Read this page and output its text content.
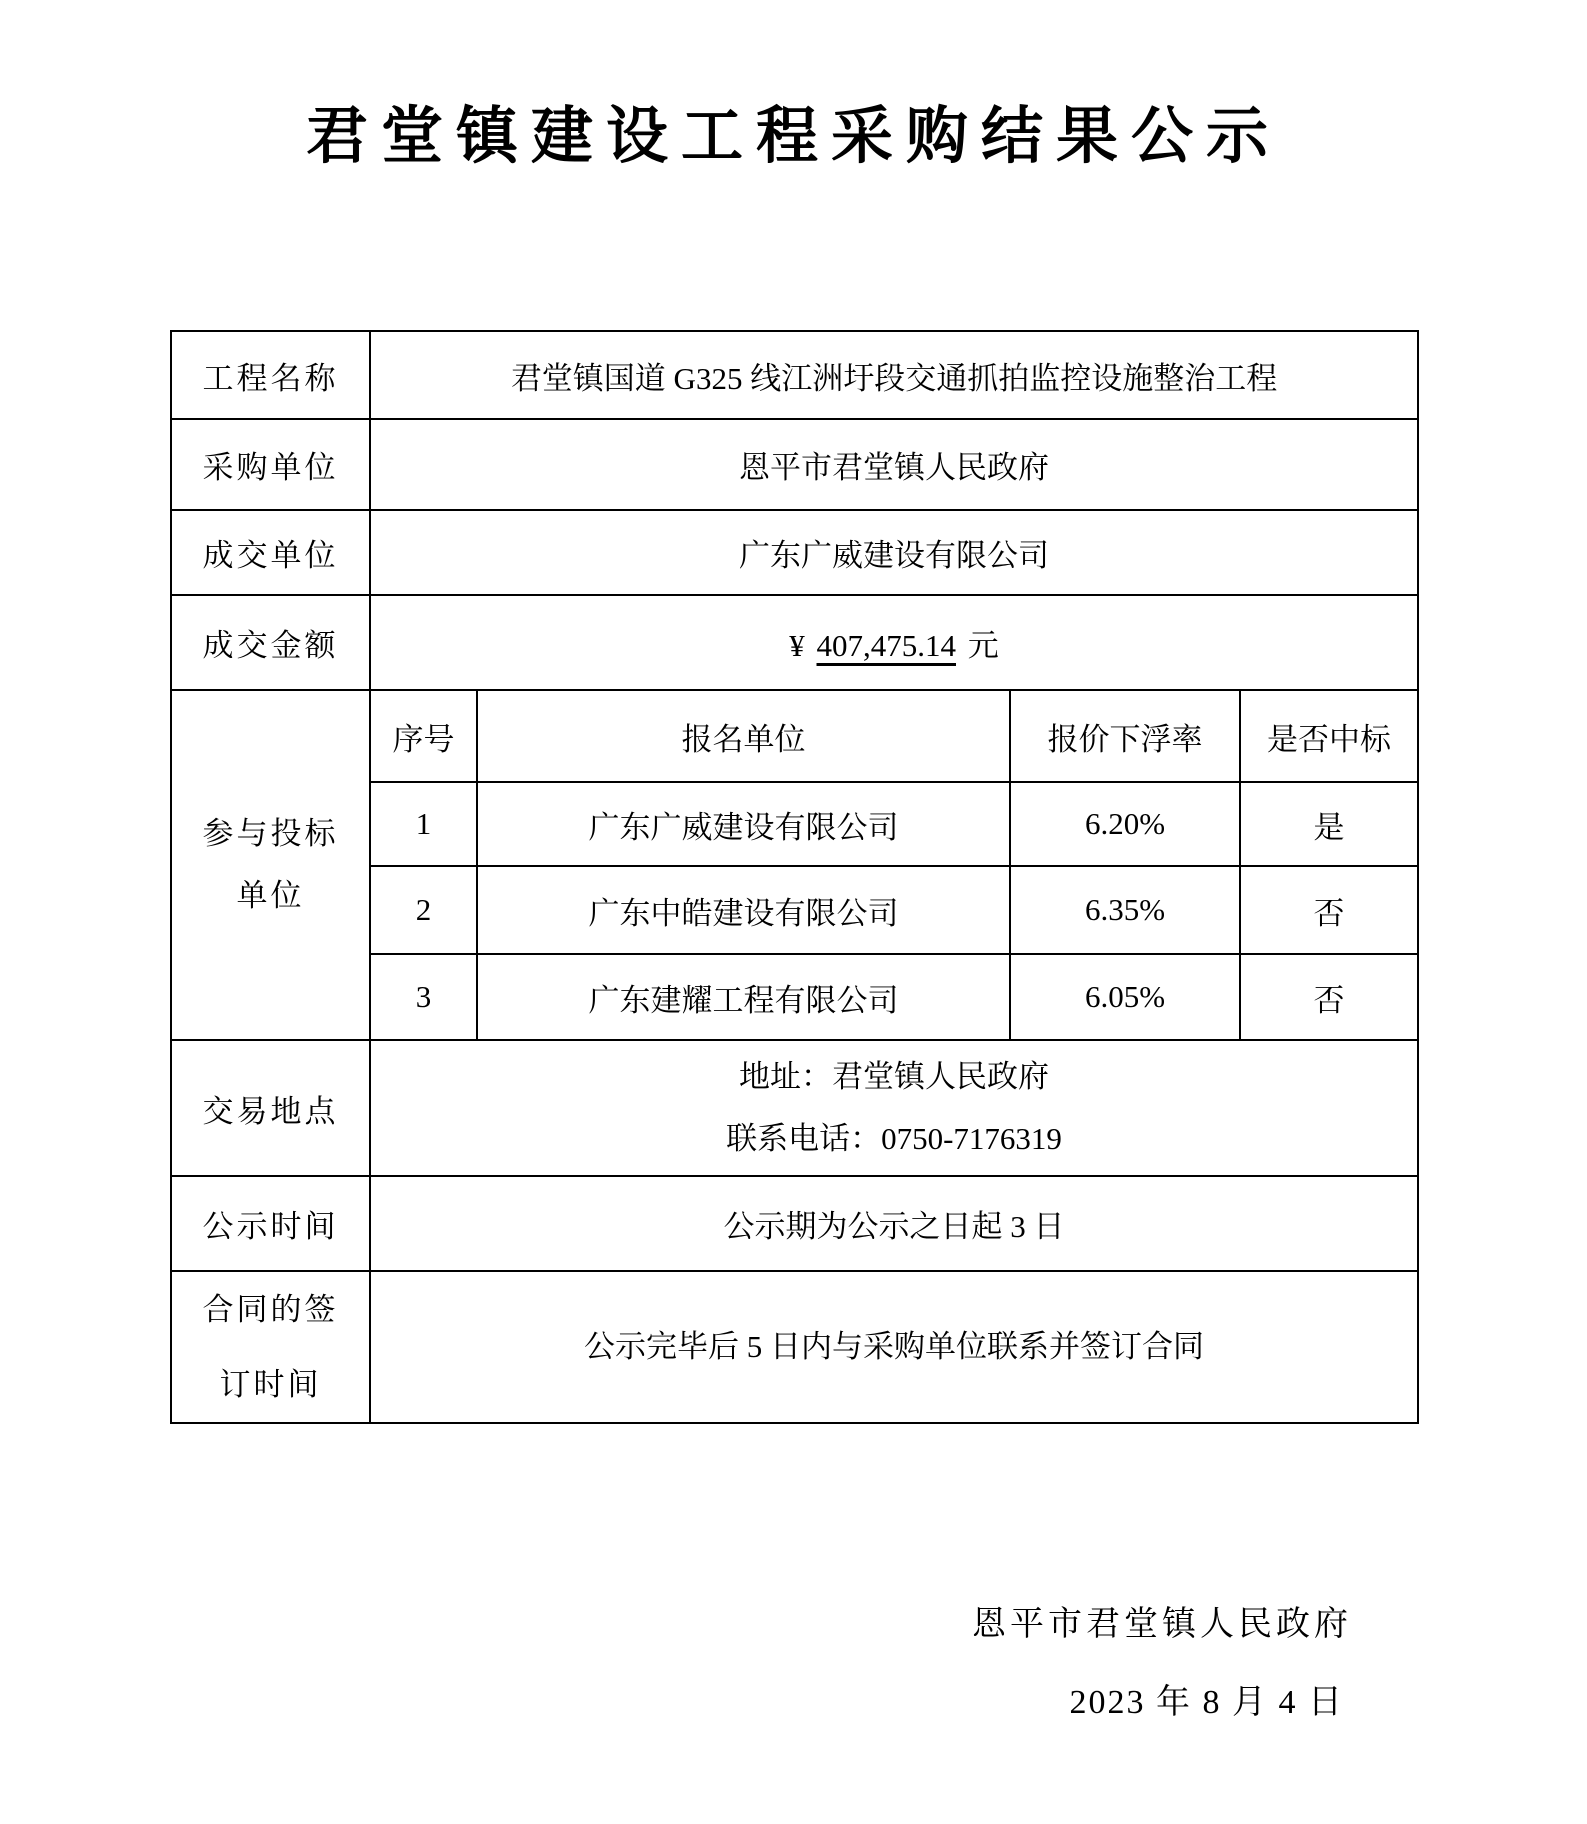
君堂镇建设工程采购结果公示
工程名称	君堂镇国道 G325 线江洲圩段交通抓拍监控设施整治工程			
采购单位	恩平市君堂镇人民政府			
成交单位	广东广威建设有限公司			
成交金额	¥ 407,475.14 元			

参与投标
单位	序号	报名单位	报价下浮率	是否中标
	1	广东广威建设有限公司	6.20%	是
	2	广东中皓建设有限公司	6.35%	否
	3	广东建耀工程有限公司	6.05%	否
交易地点	地址：君堂镇人民政府
联系电话：0750-7176319			

公示时间	公示期为公示之日起 3 日			

合同的签
订时间	公示完毕后 5 日内与采购单位联系并签订合同			
恩平市君堂镇人民政府
2023 年 8 月 4 日
